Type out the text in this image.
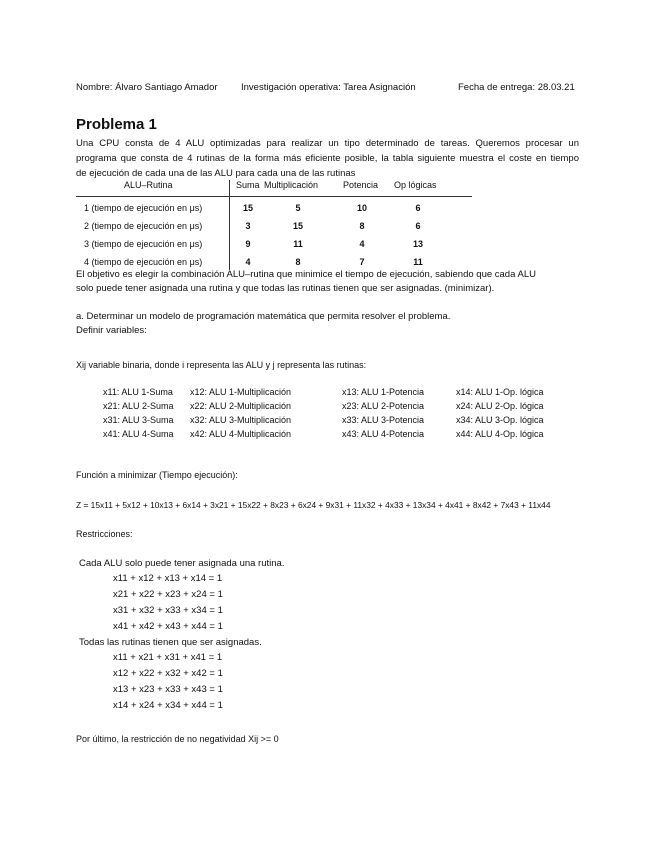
Nombre: Álvaro Santiago Amador Investigación operativa: Tarea Asignación	Fecha de entrega: 28.03.21
Problema 1
Una CPU consta de 4 ALU optimizadas para realizar un tipo determinado de tareas. Queremos procesar un
programa que consta de 4 rutinas de la forma más eficiente posible, la tabla siguiente muestra el coste en tiempo
de ejecución de cada una de las ALU para cada una de las rutinas
ALU–Rutina	Suma Multiplicación	Potencia Op lógicas
1 (tiempo de ejecución en μs)	15	5	10	6
2 (tiempo de ejecución en μs)	3	15	8	6
3 (tiempo de ejecución en μs)	9	11	4	13
4 (tiempo de ejecución en μs)	4	8	7	11
El objetivo es elegir la combinación ALU–rutina que minimice el tiempo de ejecución, sabiendo que cada ALU
solo puede tener asignada una rutina y que todas las rutinas tienen que ser asignadas. (minimizar).
a. Determinar un modelo de programación matemática que permita resolver el problema.
Definir variables:
Xij variable binaria, donde i representa las ALU y j representa las rutinas:
x11: ALU 1-Suma x12: ALU 1-Multiplicación	x13: ALU 1-Potencia	x14: ALU 1-Op. lógica
x21: ALU 2-Suma x22: ALU 2-Multiplicación	x23: ALU 2-Potencia	x24: ALU 2-Op. lógica
x31: ALU 3-Suma x32: ALU 3-Multiplicación	x33: ALU 3-Potencia	x34: ALU 3-Op. lógica
x41: ALU 4-Suma x42: ALU 4-Multiplicación	x43: ALU 4-Potencia	x44: ALU 4-Op. lógica
Función a minimizar (Tiempo ejecución):
Z = 15x11 + 5x12 + 10x13 + 6x14 + 3x21 + 15x22 + 8x23 + 6x24 + 9x31 + 11x32 + 4x33 + 13x34 + 4x41 + 8x42 + 7x43 + 11x44
Restricciones:
Cada ALU solo puede tener asignada una rutina.
x11 + x12 + x13 + x14 = 1
x21 + x22 + x23 + x24 = 1
x31 + x32 + x33 + x34 = 1
x41 + x42 + x43 + x44 = 1
Todas las rutinas tienen que ser asignadas.
x11 + x21 + x31 + x41 = 1
x12 + x22 + x32 + x42 = 1
x13 + x23 + x33 + x43 = 1
x14 + x24 + x34 + x44 = 1
Por último, la restricción de no negatividad Xij >= 0
